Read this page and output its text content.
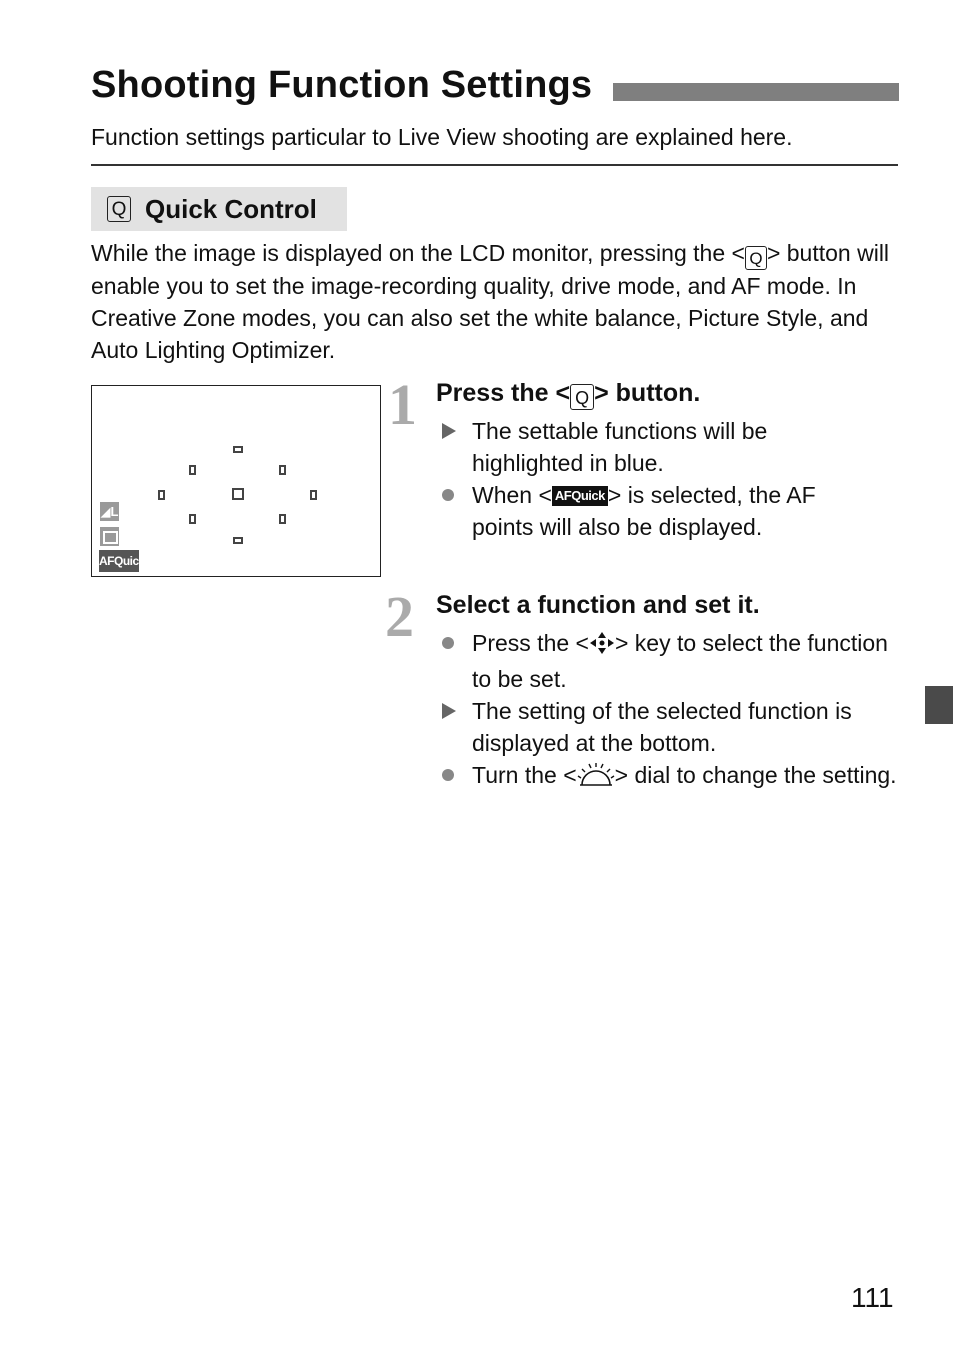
Shooting Function Settings
Function settings particular to Live View shooting are explained here.
Q Quick Control
While the image is displayed on the LCD monitor, pressing the < Q > button will enable you to set the image-recording quality, drive mode, and AF mode. In Creative Zone modes, you can also set the white balance, Picture Style, and Auto Lighting Optimizer.
◢L
AFQuick
1 Press the < Q > button.
The settable functions will be highlighted in blue.
When < AFQuick > is selected, the AF points will also be displayed.
2 Select a function and set it.
Press the < > key to select the function to be set.
The setting of the selected function is displayed at the bottom.
Turn the < > dial to change the setting.
111
